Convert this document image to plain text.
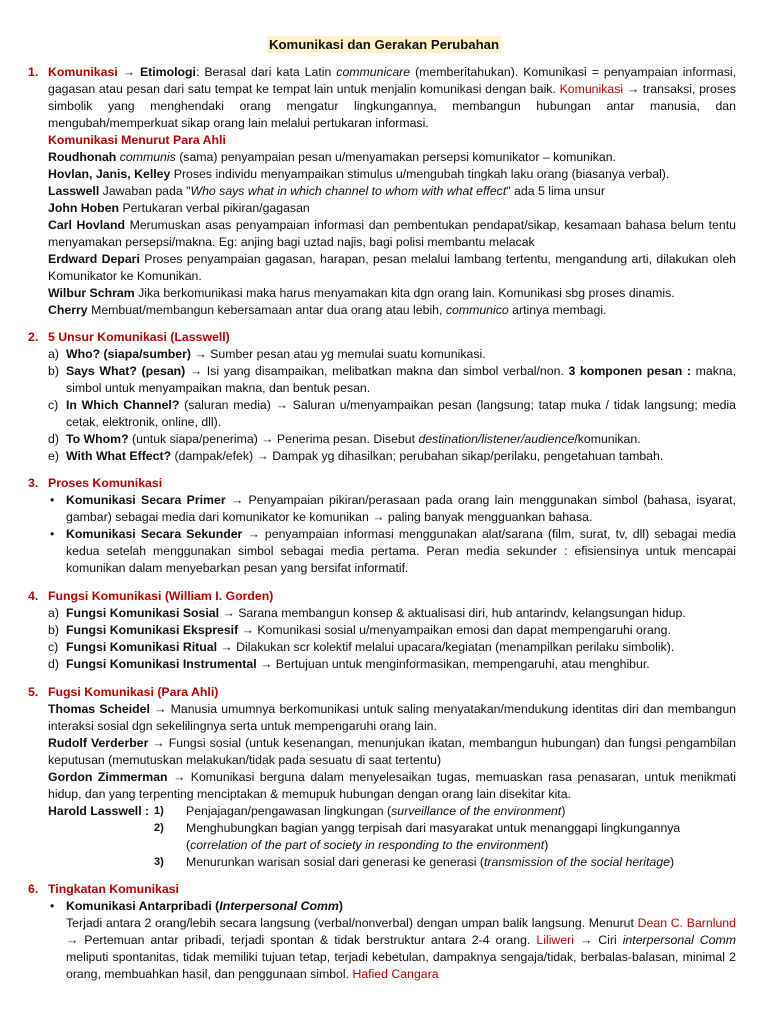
Komunikasi dan Gerakan Perubahan
1. Komunikasi → Etimologi: Berasal dari kata Latin communicare (memberitahukan). Komunikasi = penyampaian informasi, gagasan atau pesan dari satu tempat ke tempat lain untuk menjalin komunikasi dengan baik. Komunikasi → transaksi, proses simbolik yang menghendaki orang mengatur lingkungannya, membangun hubungan antar manusia, dan mengubah/memperkuat sikap orang lain melalui pertukaran informasi.

Komunikasi Menurut Para Ahli

Roudhonah communis (sama) penyampaian pesan u/menyamakan persepsi komunikator – komunikan.

Hovlan, Janis, Kelley Proses individu menyampaikan stimulus u/mengubah tingkah laku orang (biasanya verbal).

Lasswell Jawaban pada "Who says what in which channel to whom with what effect" ada 5 lima unsur

John Hoben Pertukaran verbal pikiran/gagasan

Carl Hovland Merumuskan asas penyampaian informasi dan pembentukan pendapat/sikap, kesamaan bahasa belum tentu menyamakan persepsi/makna. Eg: anjing bagi uztad najis, bagi polisi membantu melacak

Erdward Depari Proses penyampaian gagasan, harapan, pesan melalui lambang tertentu, mengandung arti, dilakukan oleh Komunikator ke Komunikan.

Wilbur Schram Jika berkomunikasi maka harus menyamakan kita dgn orang lain. Komunikasi sbg proses dinamis.

Cherry Membuat/membangun kebersamaan antar dua orang atau lebih, communico artinya membagi.

2. 5 Unsur Komunikasi (Lasswell)

a) Who? (siapa/sumber) → Sumber pesan atau yg memulai suatu komunikasi.
b) Says What? (pesan) → Isi yang disampaikan, melibatkan makna dan simbol verbal/non. 3 komponen pesan : makna, simbol untuk menyampaikan makna, dan bentuk pesan.
c) In Which Channel? (saluran media) → Saluran u/menyampaikan pesan (langsung; tatap muka / tidak langsung; media cetak, elektronik, online, dll).
d) To Whom? (untuk siapa/penerima) → Penerima pesan. Disebut destination/listener/audience/komunikan.
e) With What Effect? (dampak/efek) → Dampak yg dihasilkan; perubahan sikap/perilaku, pengetahuan tambah.
3. Proses Komunikasi

• Komunikasi Secara Primer → Penyampaian pikiran/perasaan pada orang lain menggunakan simbol (bahasa, isyarat, gambar) sebagai media dari komunikator ke komunikan → paling banyak mengguankan bahasa.
• Komunikasi Secara Sekunder → penyampaian informasi menggunakan alat/sarana (film, surat, tv, dll) sebagai media kedua setelah menggunakan simbol sebagai media pertama. Peran media sekunder : efisiensinya untuk mencapai komunikan dalam menyebarkan pesan yang bersifat informatif.
4. Fungsi Komunikasi (William I. Gorden)

a) Fungsi Komunikasi Sosial → Sarana membangun konsep & aktualisasi diri, hub antarindv, kelangsungan hidup.
b) Fungsi Komunikasi Ekspresif → Komunikasi sosial u/menyampaikan emosi dan dapat mempengaruhi orang.
c) Fungsi Komunikasi Ritual → Dilakukan scr kolektif melalui upacara/kegiatan (menampilkan perilaku simbolik).
d) Fungsi Komunikasi Instrumental → Bertujuan untuk menginformasikan, mempengaruhi, atau menghibur.
5. Fugsi Komunikasi (Para Ahli)

Thomas Scheidel → Manusia umumnya berkomunikasi untuk saling menyatakan/mendukung identitas diri dan membangun interaksi sosial dgn sekelilingnya serta untuk mempengaruhi orang lain.

Rudolf Verderber → Fungsi sosial (untuk kesenangan, menunjukan ikatan, membangun hubungan) dan fungsi pengambilan keputusan (memutuskan melakukan/tidak pada sesuatu di saat tertentu)

Gordon Zimmerman → Komunikasi berguna dalam menyelesaikan tugas, memuaskan rasa penasaran, untuk menikmati hidup, dan yang terpenting menciptakan & memupuk hubungan dengan orang lain disekitar kita.

Harold Lasswell : 1) Penjajagan/pengawasan lingkungan (surveillance of the environment)
2) Menghubungkan bagian yangg terpisah dari masyarakat untuk menanggapi lingkungannya
(correlation of the part of society in responding to the environment)
3) Menurunkan warisan sosial dari generasi ke generasi (transmission of the social heritage)
6. Tingkatan Komunikasi

• Komunikasi Antarpribadi (Interpersonal Comm)
Terjadi antara 2 orang/lebih secara langsung (verbal/nonverbal) dengan umpan balik langsung. Menurut Dean C. Barnlund → Pertemuan antar pribadi, terjadi spontan & tidak berstruktur antara 2-4 orang. Liliweri → Ciri interpersonal Comm meliputi spontanitas, tidak memiliki tujuan tetap, terjadi kebetulan, dampaknya sengaja/tidak, berbalas-balasan, minimal 2 orang, membuahkan hasil, dan penggunaan simbol. Hafied Cangara
